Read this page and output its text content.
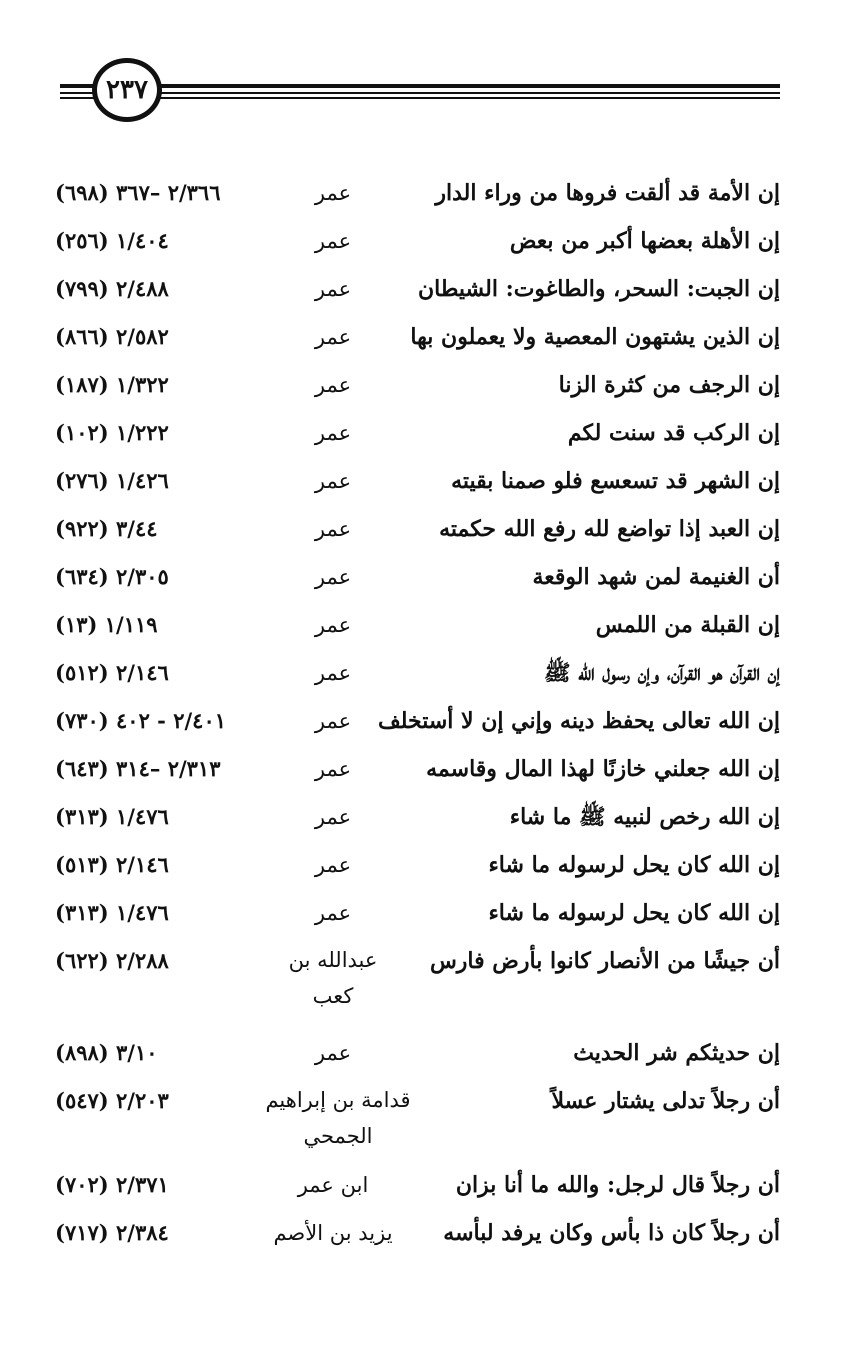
٢٣٧
إن الأمة قد ألقت فروها من وراء الدار
عمر
٢/٣٦٦ –٣٦٧ (٦٩٨)
إن الأهلة بعضها أكبر من بعض
عمر
١/٤٠٤ (٢٥٦)
إن الجبت: السحر، والطاغوت: الشيطان
عمر
٢/٤٨٨ (٧٩٩)
إن الذين يشتهون المعصية ولا يعملون بها
عمر
٢/٥٨٢ (٨٦٦)
إن الرجف من كثرة الزنا
عمر
١/٣٢٢ (١٨٧)
إن الركب قد سنت لكم
عمر
١/٢٢٢ (١٠٢)
إن الشهر قد تسعسع فلو صمنا بقيته
عمر
١/٤٢٦ (٢٧٦)
إن العبد إذا تواضع لله رفع الله حكمته
عمر
٣/٤٤ (٩٢٢)
أن الغنيمة لمن شهد الوقعة
عمر
٢/٣٠٥ (٦٣٤)
إن القبلة من اللمس
عمر
١/١١٩ (١٣)
إن القرآن هو القرآن، وإن رسول الله ﷺ
عمر
٢/١٤٦ (٥١٢)
إن الله تعالى يحفظ دينه وإني إن لا أستخلف
عمر
٢/٤٠١ - ٤٠٢ (٧٣٠)
إن الله جعلني خازنًا لهذا المال وقاسمه
عمر
٢/٣١٣ –٣١٤ (٦٤٣)
إن الله رخص لنبيه ﷺ ما شاء
عمر
١/٤٧٦ (٣١٣)
إن الله كان يحل لرسوله ما شاء
عمر
٢/١٤٦ (٥١٣)
إن الله كان يحل لرسوله ما شاء
عمر
١/٤٧٦ (٣١٣)
أن جيشًا من الأنصار كانوا بأرض فارس
عبدالله بن كعب
٢/٢٨٨ (٦٢٢)
إن حديثكم شر الحديث
عمر
٣/١٠ (٨٩٨)
أن رجلاً تدلى يشتار عسلاً
قدامة بن إبراهيم الجمحي
٢/٢٠٣ (٥٤٧)
أن رجلاً قال لرجل: والله ما أنا بزان
ابن عمر
٢/٣٧١ (٧٠٢)
أن رجلاً كان ذا بأس وكان يرفد لبأسه
يزيد بن الأصم
٢/٣٨٤ (٧١٧)
